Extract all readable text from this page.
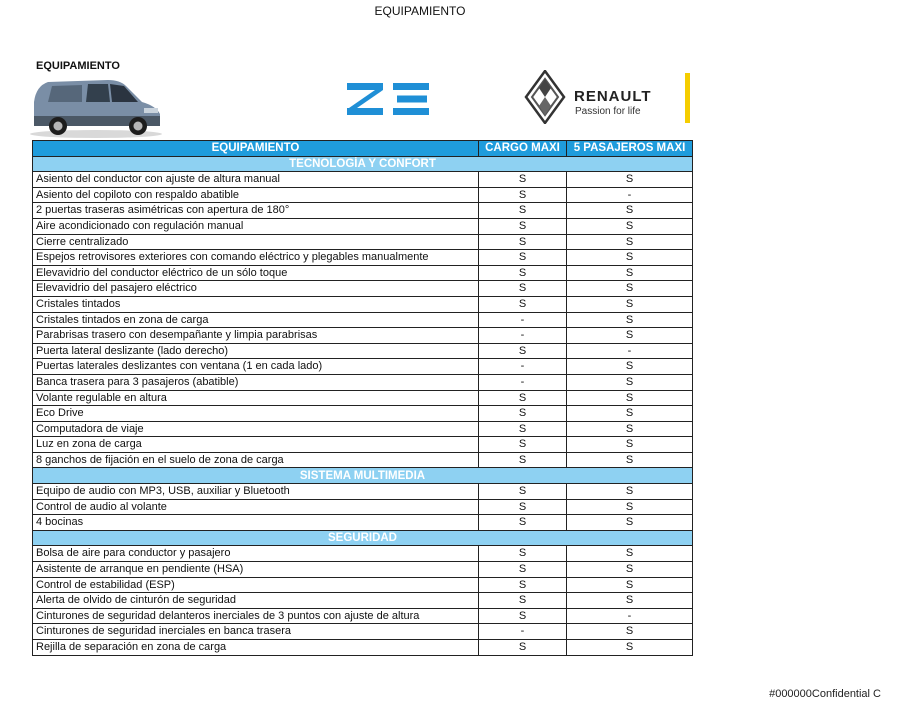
EQUIPAMIENTO
EQUIPAMIENTO
RENAULT
Passion for life
EQUIPAMIENTO	CARGO MAXI	5 PASAJEROS MAXI
TECNOLOGÍA Y CONFORT		
Asiento del conductor con ajuste de altura manual	S	S
Asiento del copiloto con respaldo abatible	S	-
2 puertas traseras asimétricas con apertura de 180°	S	S
Aire acondicionado con regulación manual	S	S
Cierre centralizado	S	S
Espejos retrovisores exteriores con comando eléctrico y plegables manualmente	S	S
Elevavidrio del conductor eléctrico de un sólo toque	S	S
Elevavidrio del pasajero eléctrico	S	S
Cristales tintados	S	S
Cristales tintados en zona de carga	-	S
Parabrisas trasero con desempañante y limpia parabrisas	-	S
Puerta lateral deslizante (lado derecho)	S	-
Puertas laterales deslizantes con ventana (1 en cada lado)	-	S
Banca trasera para 3 pasajeros (abatible)	-	S
Volante regulable en altura	S	S
Eco Drive	S	S
Computadora de viaje	S	S
Luz en zona de carga	S	S
8 ganchos de fijación en el suelo de zona de carga	S	S
SISTEMA MULTIMEDIA		
Equipo de audio con MP3, USB, auxiliar y Bluetooth	S	S
Control de audio al volante	S	S
4 bocinas	S	S
SEGURIDAD		
Bolsa de aire para conductor y pasajero	S	S
Asistente de arranque en pendiente (HSA)	S	S
Control de estabilidad (ESP)	S	S
Alerta de olvido de cinturón de seguridad	S	S
Cinturones de seguridad delanteros inerciales de 3 puntos con ajuste de altura	S	-
Cinturones de seguridad inerciales en banca trasera	-	S
Rejilla de separación en zona de carga	S	S
#000000Confidential C
